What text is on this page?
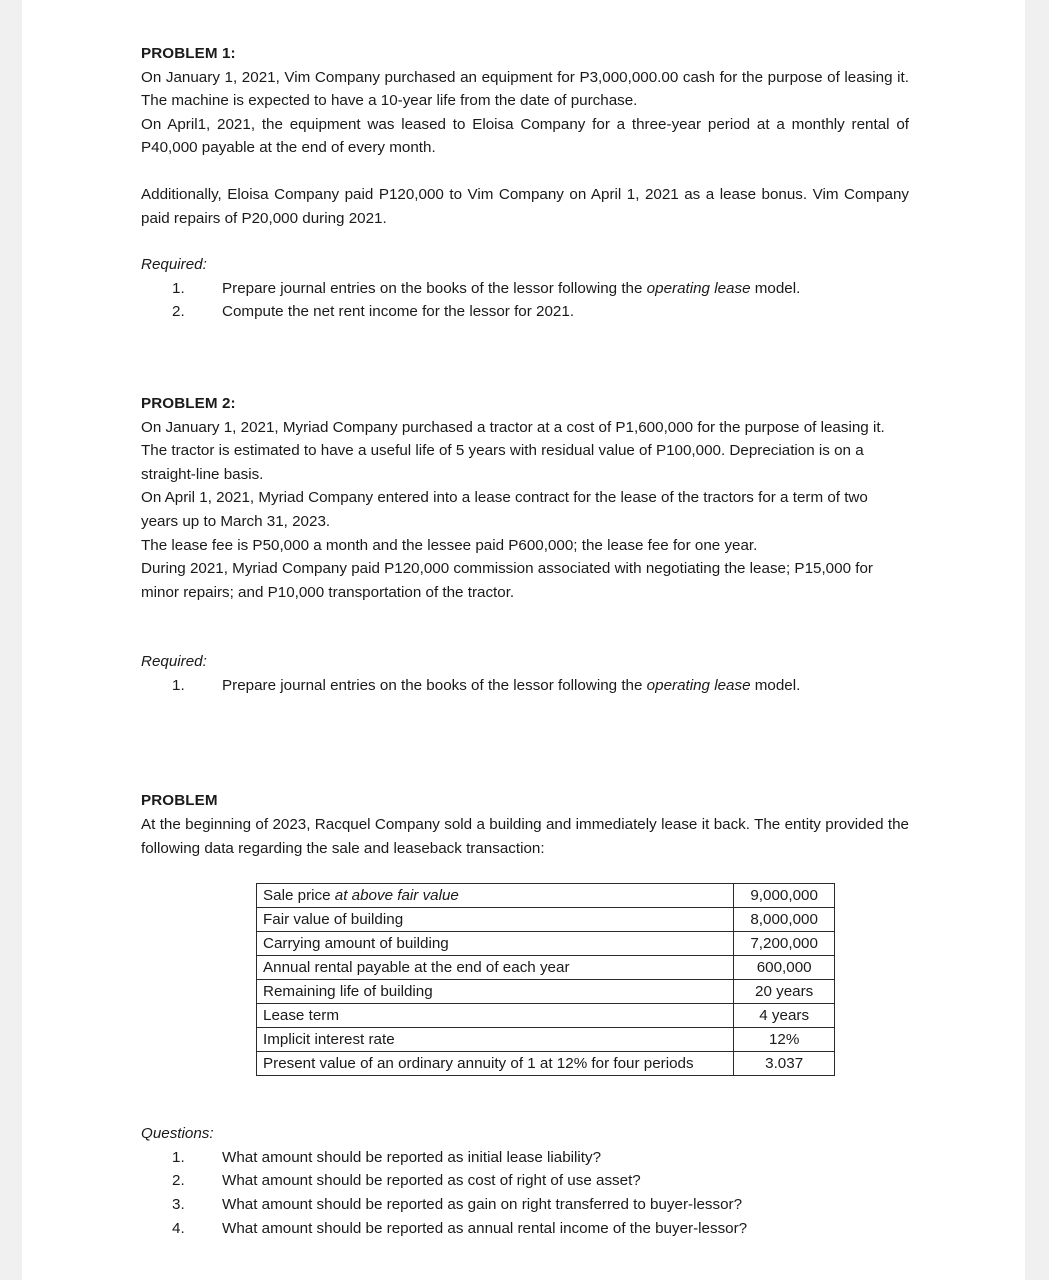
PROBLEM 1:

On January 1, 2021, Vim Company purchased an equipment for P3,000,000.00 cash for the purpose of leasing it. The machine is expected to have a 10-year life from the date of purchase.

On April1, 2021, the equipment was leased to Eloisa Company for a three-year period at a monthly rental of P40,000 payable at the end of every month.

Additionally, Eloisa Company paid P120,000 to Vim Company on April 1, 2021 as a lease bonus. Vim Company paid repairs of P20,000 during 2021.

Required:

1.	Prepare journal entries on the books of the lessor following the operating lease model.
2.	Compute the net rent income for the lessor for 2021.

PROBLEM 2:

On January 1, 2021, Myriad Company purchased a tractor at a cost of P1,600,000 for the purpose of leasing it.

The tractor is estimated to have a useful life of 5 years with residual value of P100,000. Depreciation is on a straight-line basis.

On April 1, 2021, Myriad Company entered into a lease contract for the lease of the tractors for a term of two years up to March 31, 2023.

The lease fee is P50,000 a month and the lessee paid P600,000; the lease fee for one year.

During 2021, Myriad Company paid P120,000 commission associated with negotiating the lease; P15,000 for minor repairs; and P10,000 transportation of the tractor.

Required:

1.	Prepare journal entries on the books of the lessor following the operating lease model.

PROBLEM

At the beginning of 2023, Racquel Company sold a building and immediately lease it back. The entity provided the following data regarding the sale and leaseback transaction:

Sale price at above fair value	9,000,000
Fair value of building	8,000,000
Carrying amount of building	7,200,000
Annual rental payable at the end of each year	600,000
Remaining life of building	20 years
Lease term	4 years
Implicit interest rate	12%
Present value of an ordinary annuity of 1 at 12% for four periods	3.037

Questions:

1.	What amount should be reported as initial lease liability?
2.	What amount should be reported as cost of right of use asset?
3.	What amount should be reported as gain on right transferred to buyer-lessor?
4.	What amount should be reported as annual rental income of the buyer-lessor?
